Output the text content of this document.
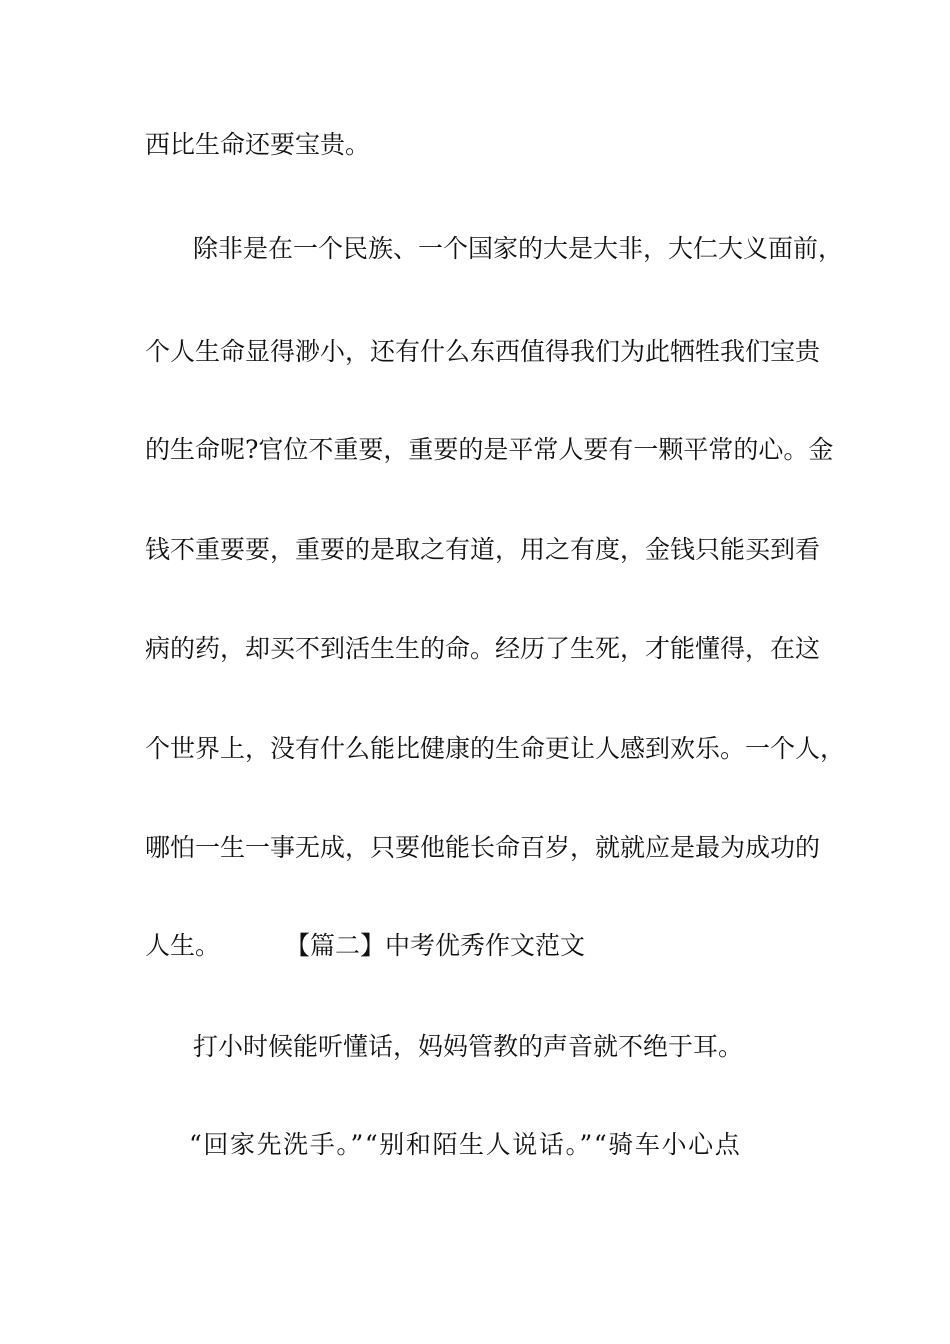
西比生命还要宝贵。

除非是在一个民族、一个国家的大是大非，大仁大义面前，

个人生命显得渺小，还有什么东西值得我们为此牺牲我们宝贵

的生命呢?官位不重要，重要的是平常人要有一颗平常的心。金

钱不重要要，重要的是取之有道，用之有度，金钱只能买到看

病的药，却买不到活生生的命。经历了生死，才能懂得，在这

个世界上，没有什么能比健康的生命更让人感到欢乐。一个人，

哪怕一生一事无成，只要他能长命百岁，就就应是最为成功的

人生。	【篇二】中考优秀作文范文

打小时候能听懂话，妈妈管教的声音就不绝于耳。

“回家先洗手。”“别和陌生人说话。”“骑车小心点
